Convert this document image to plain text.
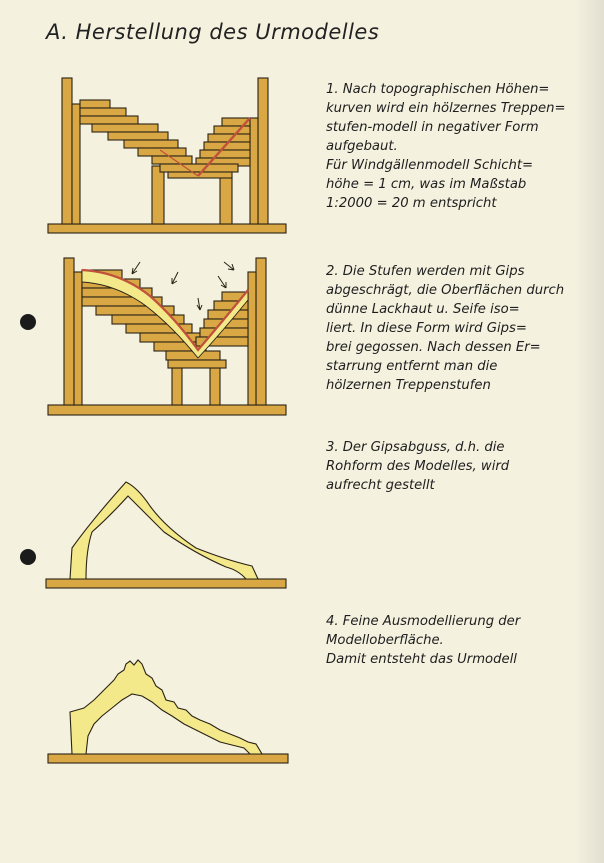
A. Herstellung des Urmodelles
1. Nach topographischen Höhen=
kurven wird ein hölzernes Treppen=
stufen-modell in negativer Form
aufgebaut.
Für Windgällenmodell Schicht=
höhe = 1 cm, was im Maßstab
1:2000 = 20 m entspricht
2. Die Stufen werden mit Gips
abgeschrägt, die Oberflächen durch
dünne Lackhaut u. Seife iso=
liert. In diese Form wird Gips=
brei gegossen. Nach dessen Er=
starrung entfernt man die
hölzernen Treppenstufen
3. Der Gipsabguss, d.h. die
Rohform des Modelles, wird
aufrecht gestellt
4. Feine Ausmodellierung der
Modelloberfläche.
Damit entsteht das Urmodell
